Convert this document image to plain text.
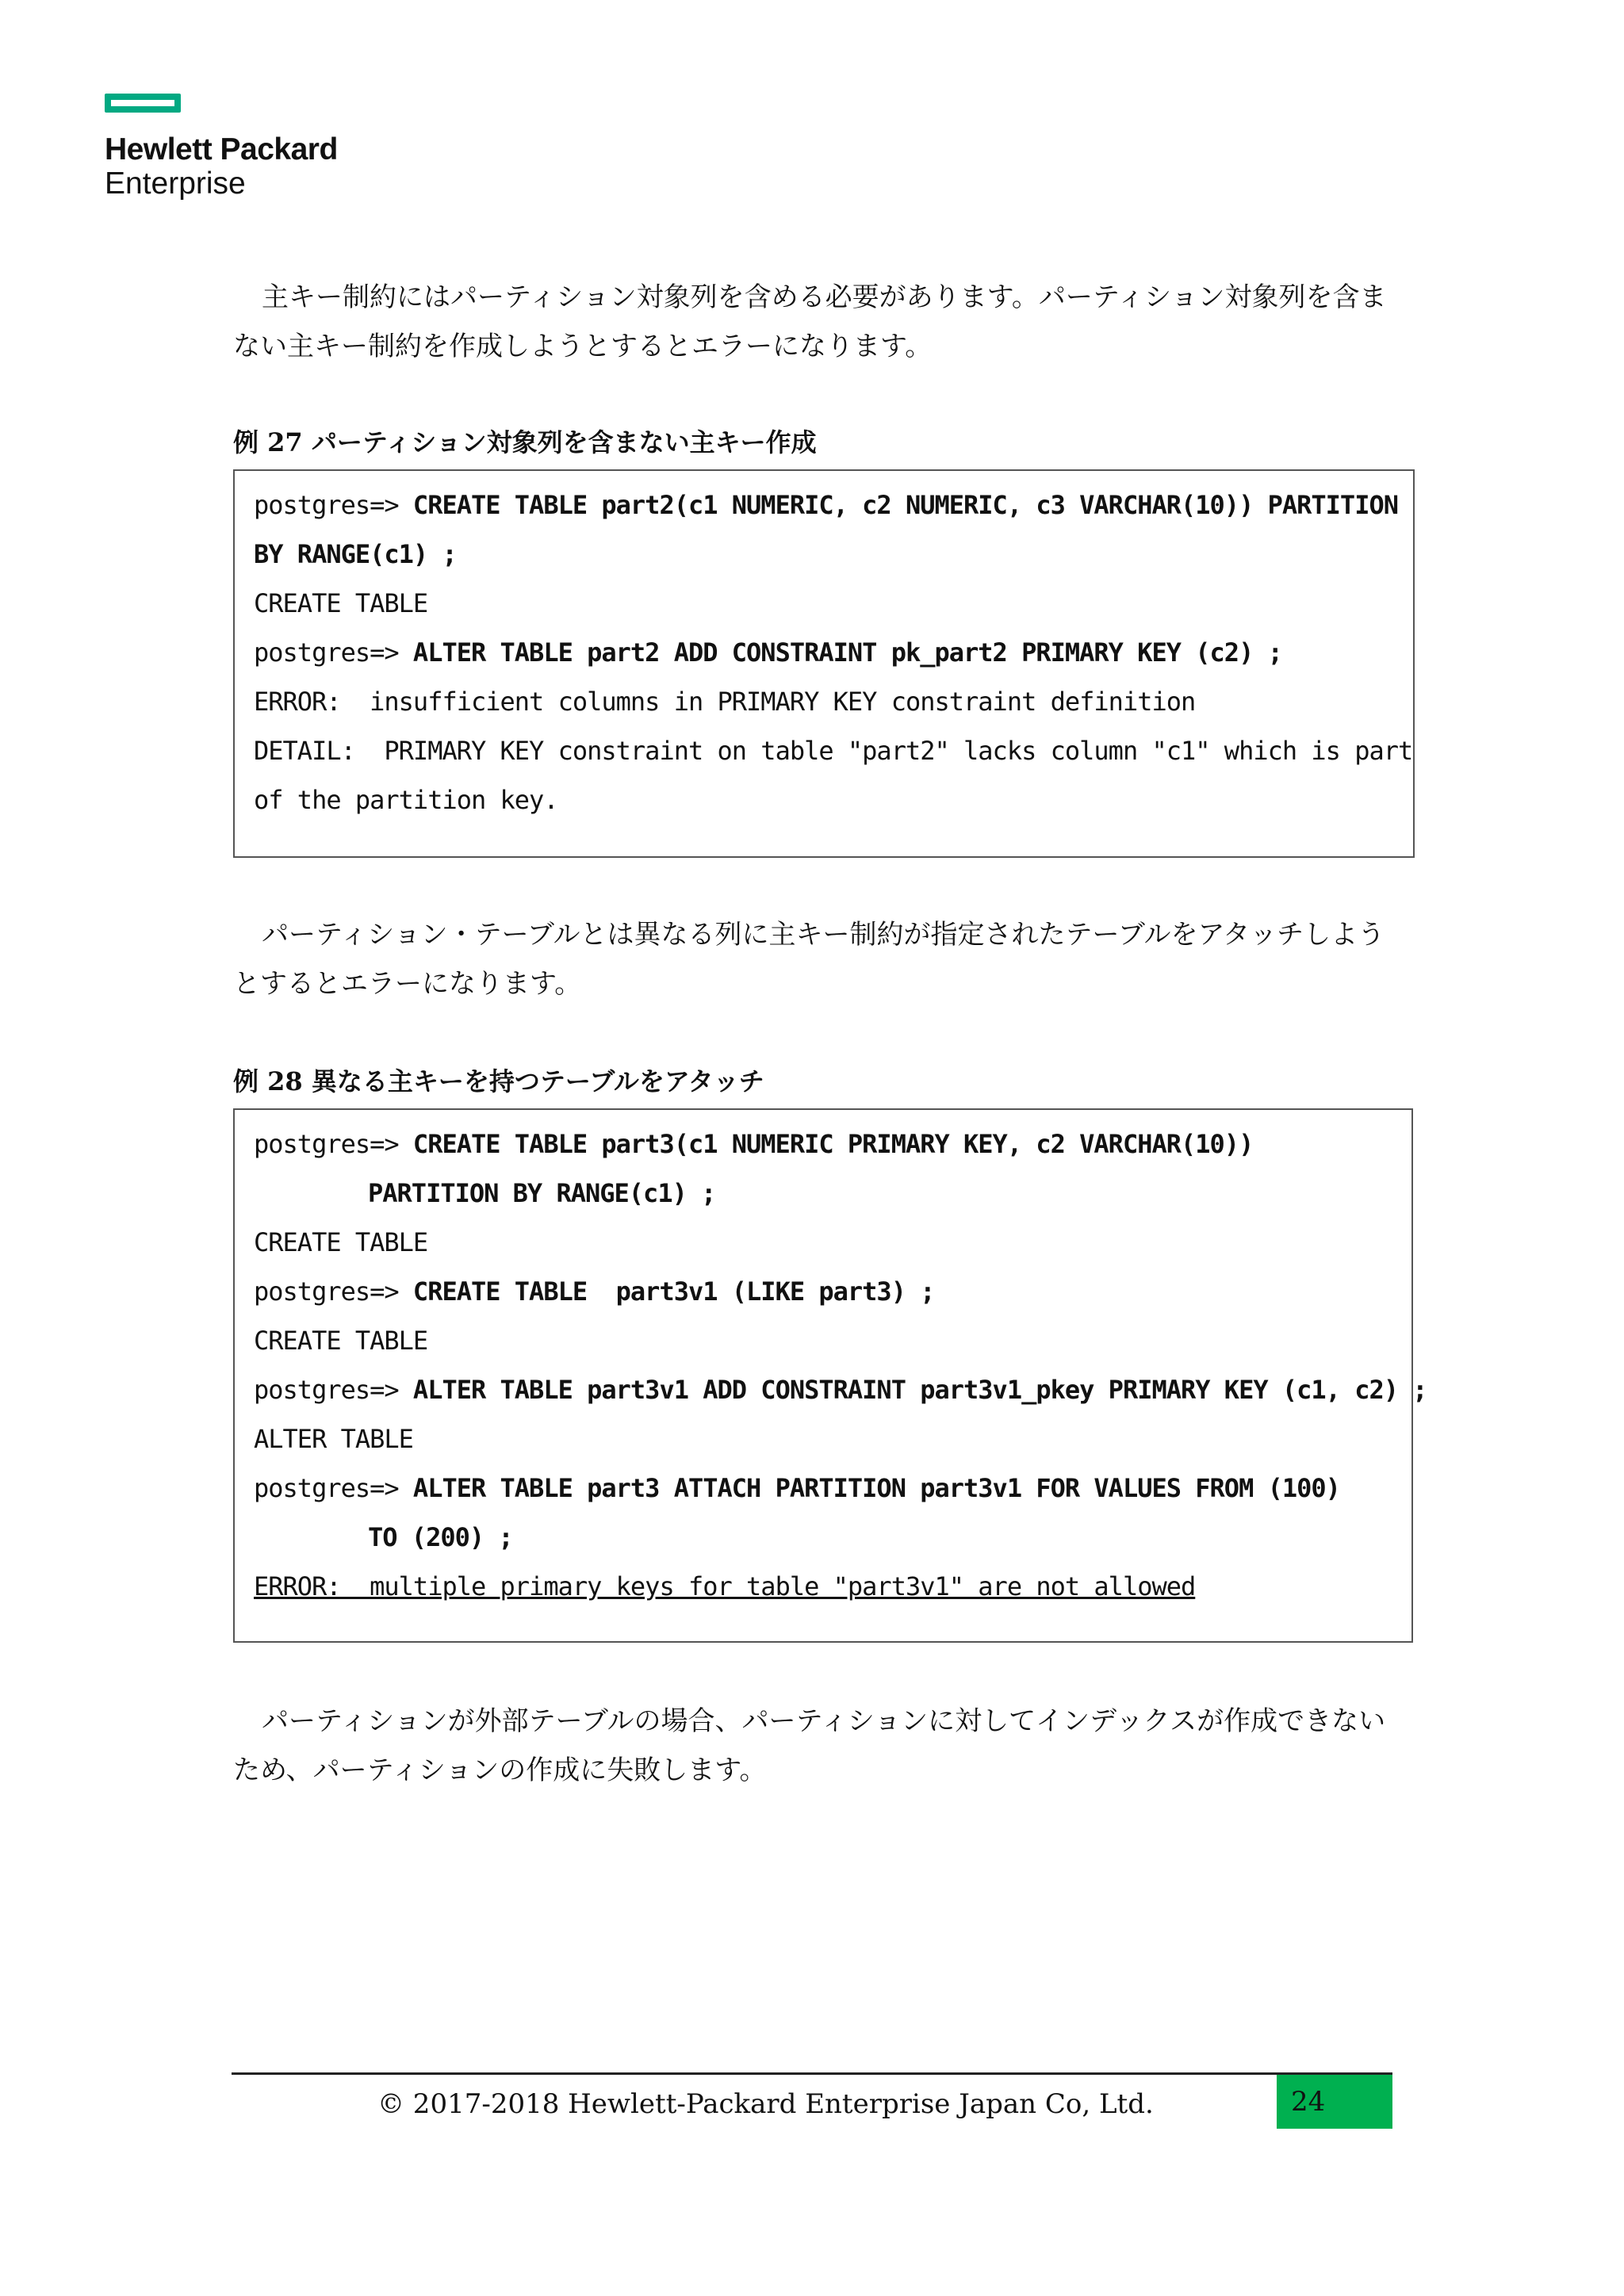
Hewlett Packard
Enterprise
主キー制約にはパーティション対象列を含める必要があります。パーティション対象列を含まない主キー制約を作成しようとするとエラーになります。
例 27 パーティション対象列を含まない主キー作成
postgres=> CREATE TABLE part2(c1 NUMERIC, c2 NUMERIC, c3 VARCHAR(10)) PARTITION
BY RANGE(c1) ;
CREATE TABLE
postgres=> ALTER TABLE part2 ADD CONSTRAINT pk_part2 PRIMARY KEY (c2) ;
ERROR:  insufficient columns in PRIMARY KEY constraint definition
DETAIL:  PRIMARY KEY constraint on table "part2" lacks column "c1" which is part
of the partition key.
パーティション・テーブルとは異なる列に主キー制約が指定されたテーブルをアタッチしようとするとエラーになります。
例 28 異なる主キーを持つテーブルをアタッチ
postgres=> CREATE TABLE part3(c1 NUMERIC PRIMARY KEY, c2 VARCHAR(10))
PARTITION BY RANGE(c1) ;
CREATE TABLE
postgres=> CREATE TABLE  part3v1 (LIKE part3) ;
CREATE TABLE
postgres=> ALTER TABLE part3v1 ADD CONSTRAINT part3v1_pkey PRIMARY KEY (c1, c2) ;
ALTER TABLE
postgres=> ALTER TABLE part3 ATTACH PARTITION part3v1 FOR VALUES FROM (100)
TO (200) ;
ERROR:  multiple primary keys for table "part3v1" are not allowed
パーティションが外部テーブルの場合、パーティションに対してインデックスが作成できないため、パーティションの作成に失敗します。
© 2017-2018 Hewlett-Packard Enterprise Japan Co, Ltd.	24
